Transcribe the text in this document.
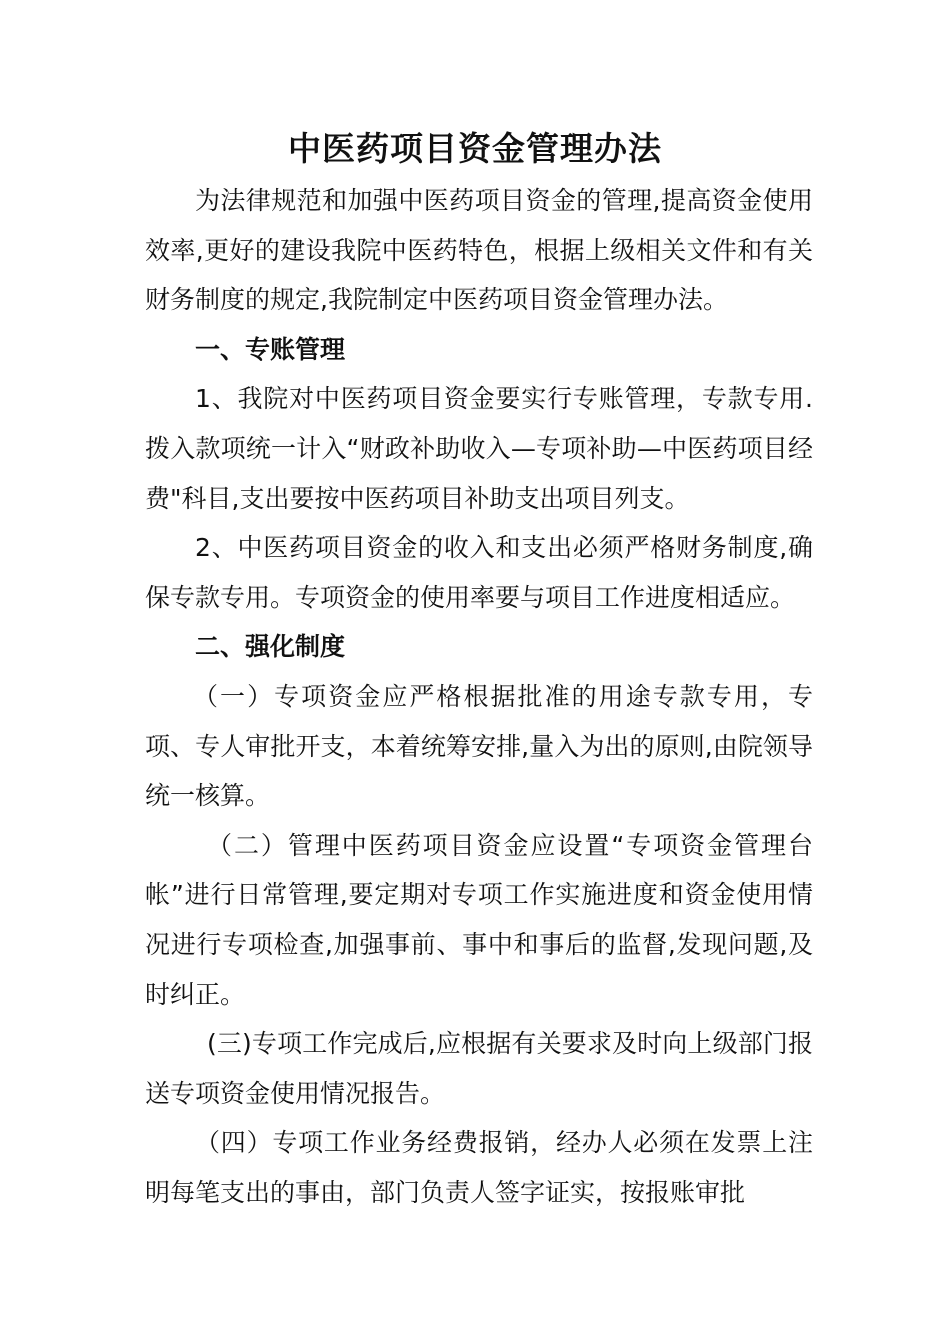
中医药项目资金管理办法

为法律规范和加强中医药项目资金的管理,提高资金使用效率,更好的建设我院中医药特色，根据上级相关文件和有关财务制度的规定,我院制定中医药项目资金管理办法。

一、专账管理

1、我院对中医药项目资金要实行专账管理，专款专用.拨入款项统一计入“财政补助收入—专项补助—中医药项目经费"科目,支出要按中医药项目补助支出项目列支。

2、中医药项目资金的收入和支出必须严格财务制度,确保专款专用。专项资金的使用率要与项目工作进度相适应。

二、强化制度

（一）专项资金应严格根据批准的用途专款专用，专项、专人审批开支，本着统筹安排,量入为出的原则,由院领导统一核算。

（二）管理中医药项目资金应设置“专项资金管理台帐”进行日常管理,要定期对专项工作实施进度和资金使用情况进行专项检查,加强事前、事中和事后的监督,发现问题,及时纠正。

(三)专项工作完成后,应根据有关要求及时向上级部门报送专项资金使用情况报告。

（四）专项工作业务经费报销，经办人必须在发票上注明每笔支出的事由，部门负责人签字证实，按报账审批
